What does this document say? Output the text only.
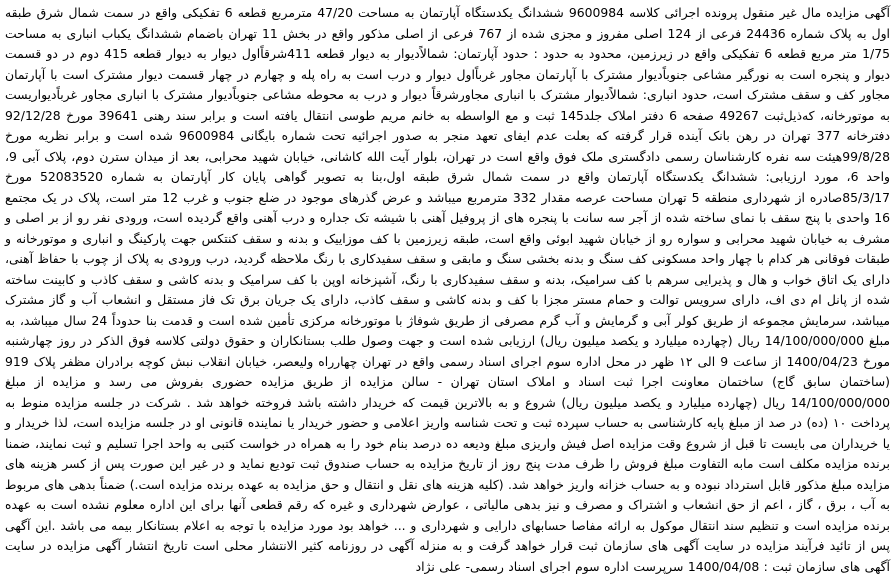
آگهی مزایده مال غیر منقول پرونده اجرائی کلاسه 9600984 ششدانگ یکدستگاه آپارتمان به مساحت 47/20 مترمربع قطعه 6 تفکیکی واقع در سمت شمال شرق طبقه اول به پلاک شماره 24436 فرعی از 124 اصلی مفروز و مجزی شده از 767 فرعی از اصلی مذکور واقع در بخش 11 تهران باضمام ششدانگ یکباب انباری به مساحت 1/75 متر مربع قطعه 6 تفکیکی واقع در زیرزمین، محدود به حدود : حدود آپارتمان: شمالاًدیوار به دیوار قطعه 411شرقاًاول دیوار به دیوار قطعه 415 دوم در دو قسمت دیوار و پنجره است به نورگیر مشاعی جنوباًدیوار مشترک با آپارتمان مجاور غرباًاول دیوار و درب است به راه پله و چهارم در چهار قسمت دیوار مشترک است با آپارتمان مجاور کف و سقف مشترک است، حدود انباری: شمالاًدیوار مشترک با انباری مجاورشرقاً دیوار و درب به محوطه مشاعی جنوباًدیوار مشترک با انباری مجاور غرباًدیواریست به موتورخانه، که‌ذیل‌ثبت 49267 صفحه 6 دفتر املاک جلد145 ثبت و مع الواسطه به خانم مریم طوسی انتقال یافته است و برابر سند رهنی 39641 مورخ 92/12/28 دفترخانه 377 تهران در رهن بانک آینده قرار گرفته که بعلت عدم ایفای تعهد منجر به صدور اجرائیه تحت شماره بایگانی 9600984 شده است و برابر نظریه مورخ 99/8/28هیئت سه نفره کارشناسان رسمی دادگستری ملک فوق واقع است در تهران، بلوار آیت الله کاشانی، خیابان شهید محرابی، بعد از میدان سترن دوم، پلاک آبی 9، واحد 6، مورد ارزیابی: ششدانگ یکدستگاه آپارتمان واقع در سمت شمال شرق طبقه اول،بنا به تصویر گواهی پایان کار آپارتمان به شماره 52083520 مورخ 85/3/17صادره از شهرداری منطقه 5 تهران مساحت عرصه مقدار 332 مترمربع میباشد و عرض گذرهای موجود در ضلع جنوب و غرب 12 متر است، پلاک در یک مجتمع 16 واحدی با پنج سقف با نمای ساخته شده از آجر سه سانت با پنجره های از پروفیل آهنی با شیشه تک جداره و درب آهنی واقع گردیده است، ورودی نفر رو از بر اصلی و مشرف به خیابان شهید محرابی و سواره رو از خیابان شهید ابوئی واقع است، طبقه زیرزمین با کف موزاییک و بدنه و سقف کنتکس جهت پارکینگ و انباری و موتورخانه و طبقات فوقانی هر کدام با چهار واحد مسکونی کف سنگ و بدنه بخشی سنگ و مابقی و سقف سفیدکاری با رنگ ملاحظه گردید، درب ورودی به پلاک از چوب با حفاظ آهنی، دارای یک اتاق خواب و هال و پذیرایی سرهم با کف سرامیک، بدنه و سقف سفیدکاری با رنگ، آشپزخانه اوپن با کف سرامیک و بدنه کاشی و سقف کاذب و کابینت ساخته شده از پانل ام دی اف، دارای سرویس توالت و حمام مستر مجزا با کف و بدنه کاشی و سقف کاذب، دارای یک جریان برق تک فاز مستقل و انشعاب آب و گاز مشترک میباشد، سرمایش مجموعه از طریق کولر آبی و گرمایش و آب گرم مصرفی از طریق شوفاژ با موتورخانه مرکزی تأمین شده است و قدمت بنا حدوداً 24 سال میباشد، به مبلغ 14/100/000/000 ریال (چهارده میلیارد و یکصد میلیون ریال) ارزیابی شده است و جهت وصول طلب بستانکاران و حقوق دولتی کلاسه فوق الذکر در روز چهارشنبه مورخ 1400/04/23 از ساعت 9 الی ۱۲ ظهر در محل اداره سوم اجرای اسناد رسمی واقع در تهران چهارراه ولیعصر، خیابان انقلاب نبش کوچه برادران مظفر پلاک 919 (ساختمان سابق گاج) ساختمان معاونت اجرا ثبت اسناد و املاک استان تهران - سالن مزایده از طریق مزایده حضوری بفروش می رسد و مزایده از مبلغ 14/100/000/000 ریال (چهارده میلیارد و یکصد میلیون ریال) شروع و به بالاترین قیمت که خریدار داشته باشد فروخته خواهد شد . شرکت در جلسه مزایده منوط به پرداخت ۱۰ (ده) در صد از مبلغ پایه کارشناسی به حساب سپرده ثبت و تحت شناسه واریز اعلامی و حضور خریدار یا نماینده قانونی او در جلسه مزایده است، لذا خریدار و یا خریداران می بایست تا قبل از شروع وقت مزایده اصل فیش واریزی مبلغ ودیعه ده درصد بنام خود را به همراه در خواست کتبی به واحد اجرا تسلیم و ثبت نمایند، ضمنا برنده مزایده مکلف است مابه التفاوت مبلغ فروش را ظرف مدت پنج روز از تاریخ مزایده به حساب صندوق ثبت تودیع نماید و در غیر این صورت پس از کسر هزینه های مزایده مبلغ مذکور قابل استرداد نبوده و به حساب خزانه واریز خواهد شد. (کلیه هزینه های نقل و انتقال و حق مزایده به عهده برنده مزایده است.) ضمناً بدهی های مربوط به آب ، برق ، گاز ، اعم از حق انشعاب و اشتراک و مصرف و نیز بدهی مالیاتی ، عوارض شهرداری و غیره که رقم قطعی آنها برای این اداره معلوم نشده است به عهده برنده مزایده است و تنظیم سند انتقال موکول به ارائه مفاصا حسابهای دارایی و شهرداری و ... خواهد بود مورد مزایده با توجه به اعلام بستانکار بیمه می باشد .این آگهی پس از تائید فرآیند مزایده در سایت آگهی های سازمان ثبت قرار خواهد گرفت و به منزله آگهی در روزنامه کثیر الانتشار محلی است تاریخ انتشار آگهی مزایده در سایت آگهی های سازمان ثبت : 1400/04/08 سرپرست اداره سوم اجرای اسناد رسمی- علی نژاد
